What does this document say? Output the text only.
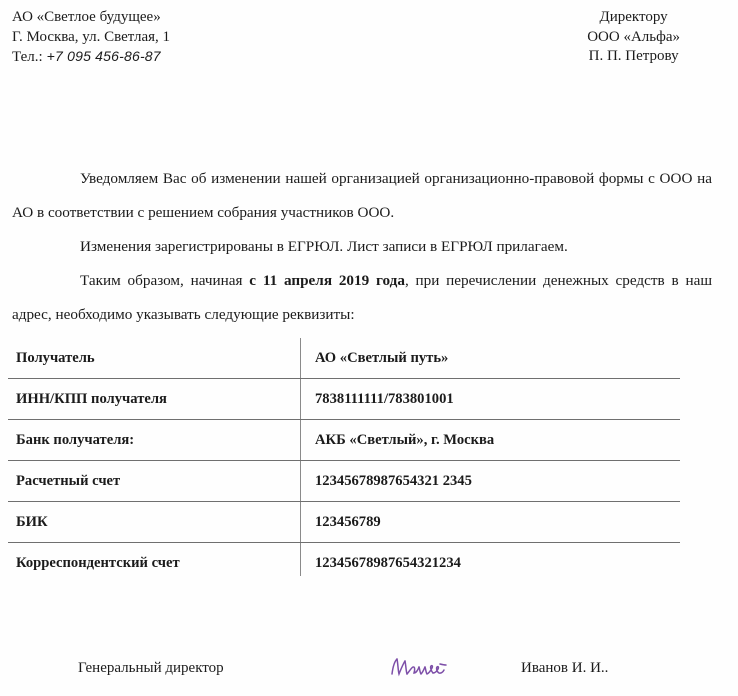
АО «Светлое будущее»
Г. Москва, ул. Светлая, 1
Тел.: +7 095 456-86-87
Директору
ООО «Альфа»
П. П. Петрову

Уведомляем Вас об изменении нашей организацией организационно-правовой формы с ООО на АО в соответствии с решением собрания участников ООО.

Изменения зарегистрированы в ЕГРЮЛ. Лист записи в ЕГРЮЛ прилагаем.

Таким образом, начиная с 11 апреля 2019 года, при перечислении денежных средств в наш адрес, необходимо указывать следующие реквизиты:

Получатель	АО «Светлый путь»
ИНН/КПП получателя	7838111111/783801001
Банк получателя:	АКБ «Светлый», г. Москва
Расчетный счет	12345678987654321 2345
БИК	123456789
Корреспондентский счет	12345678987654321234
Генеральный директор	Иванов И. И..
